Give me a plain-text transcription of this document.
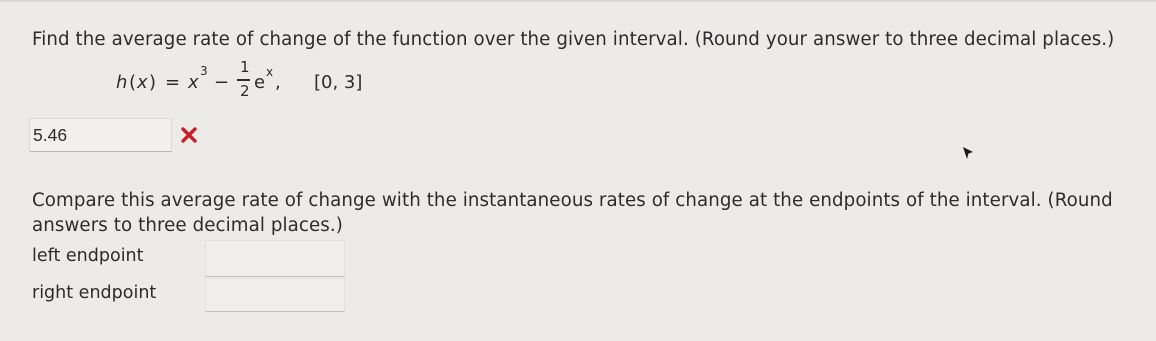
Find the average rate of change of the function over the given interval. (Round your answer to three decimal places.)
h ( x ) = x
3
−
1
2 e x , [0, 3]
5.46
Compare this average rate of change with the instantaneous rates of change at the endpoints of the interval. (Round
answers to three decimal places.)
left endpoint
right endpoint
